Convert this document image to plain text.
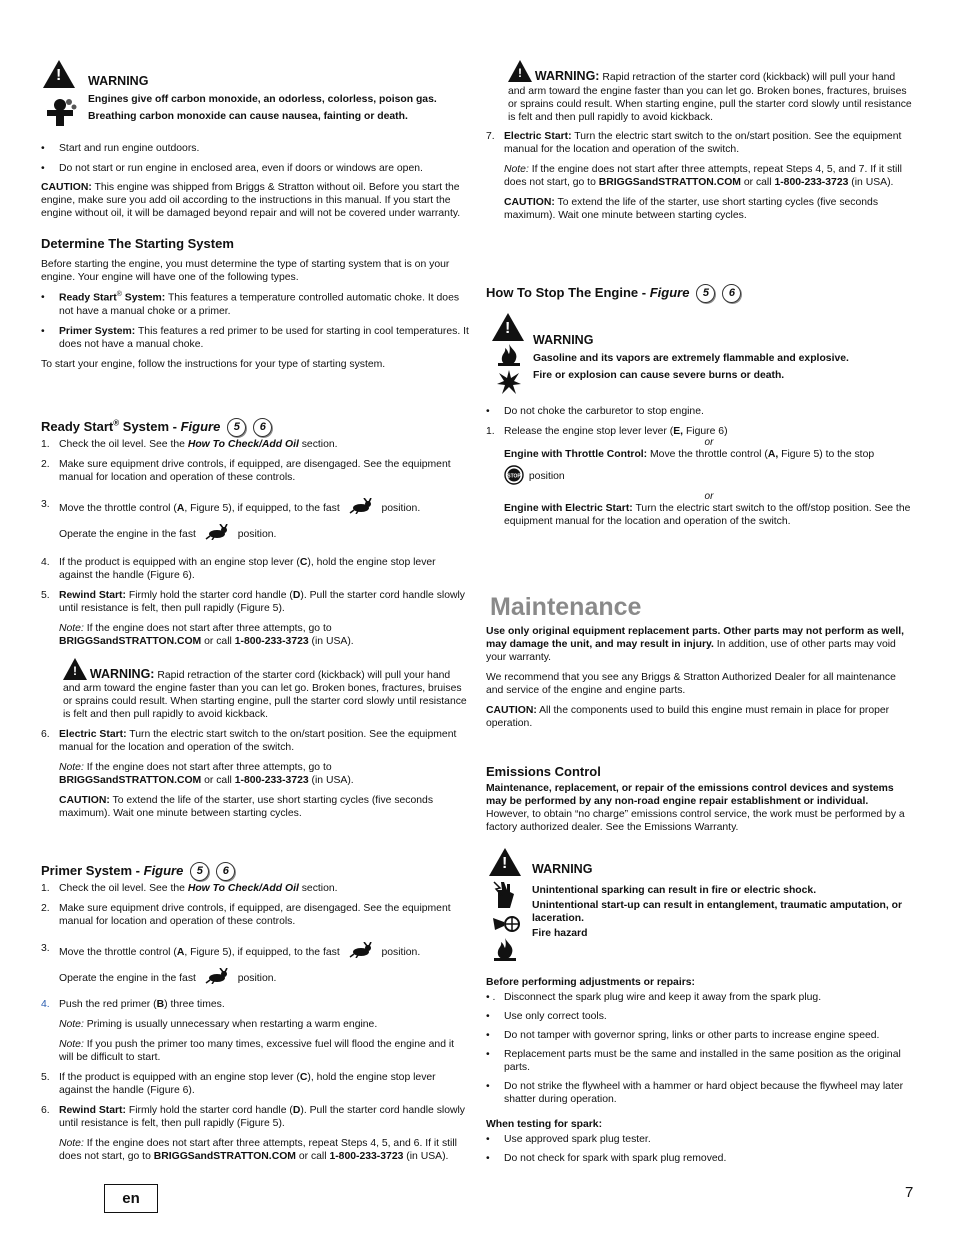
!
WARNING
Engines give off carbon monoxide, an odorless, colorless, poison gas.
Breathing carbon monoxide can cause nausea, fainting or death.
• Start and run engine outdoors.
• Do not start or run engine in enclosed area, even if doors or windows are open.

CAUTION: This engine was shipped from Briggs & Stratton without oil. Before you start the engine, make sure you add oil according to the instructions in this manual. If you start the engine without oil, it will be damaged beyond repair and will not be covered under warranty.

Determine The Starting System

Before starting the engine, you must determine the type of starting system that is on your engine. Your engine will have one of the following types.

• Ready Start® System: This features a temperature controlled automatic choke. It does not have a manual choke or a primer.
• Primer System: This features a red primer to be used for starting in cool temperatures. It does not have a manual choke.

To start your engine, follow the instructions for your type of starting system.

Ready Start® System - Figure 5 6
1. Check the oil level. See the How To Check/Add Oil section.
2. Make sure equipment drive controls, if equipped, are disengaged. See the equipment manual for location and operation of these controls.
3. Move the throttle control (A, Figure 5), if equipped, to the fast	position.
Operate the engine in the fast	position.
4. If the product is equipped with an engine stop lever (C), hold the engine stop lever against the handle (Figure 6).
5. Rewind Start: Firmly hold the starter cord handle (D). Pull the starter cord handle slowly until resistance is felt, then pull rapidly (Figure 5).

Note: If the engine does not start after three attempts, go to BRIGGSandSTRATTON.COM or call 1-800-233-3723 (in USA).

! WARNING: Rapid retraction of the starter cord (kickback) will pull your hand and arm toward the engine faster than you can let go. Broken bones, fractures, bruises or sprains could result. When starting engine, pull the starter cord slowly until resistance is felt and then pull rapidly to avoid kickback.
6. Electric Start: Turn the electric start switch to the on/start position. See the equipment manual for the location and operation of the switch.

Note: If the engine does not start after three attempts, go to BRIGGSandSTRATTON.COM or call 1-800-233-3723 (in USA).

CAUTION: To extend the life of the starter, use short starting cycles (five seconds maximum). Wait one minute between starting cycles.

Primer System - Figure 5 6
1. Check the oil level. See the How To Check/Add Oil section.
2. Make sure equipment drive controls, if equipped, are disengaged. See the equipment manual for location and operation of these controls.
3. Move the throttle control (A, Figure 5), if equipped, to the fast	position.
Operate the engine in the fast	position.
4. Push the red primer (B) three times.

Note: Priming is usually unnecessary when restarting a warm engine.

Note: If you push the primer too many times, excessive fuel will flood the engine and it will be difficult to start.

5. If the product is equipped with an engine stop lever (C), hold the engine stop lever against the handle (Figure 6).
6. Rewind Start: Firmly hold the starter cord handle (D). Pull the starter cord handle slowly until resistance is felt, then pull rapidly (Figure 5).

Note: If the engine does not start after three attempts, repeat Steps 4, 5, and 6. If it still does not start, go to BRIGGSandSTRATTON.COM or call 1-800-233-3723 (in USA).

! WARNING: Rapid retraction of the starter cord (kickback) will pull your hand and arm toward the engine faster than you can let go. Broken bones, fractures, bruises or sprains could result. When starting engine, pull the starter cord slowly until resistance is felt and then pull rapidly to avoid kickback.
7. Electric Start: Turn the electric start switch to the on/start position. See the equipment manual for the location and operation of the switch.

Note: If the engine does not start after three attempts, repeat Steps 4, 5, and 7. If it still does not start, go to BRIGGSandSTRATTON.COM or call 1-800-233-3723 (in USA).

CAUTION: To extend the life of the starter, use short starting cycles (five seconds maximum). Wait one minute between starting cycles.

How To Stop The Engine - Figure 5 6
!
WARNING
Gasoline and its vapors are extremely flammable and explosive.
Fire or explosion can cause severe burns or death.
• Do not choke the carburetor to stop engine.
1. Release the engine stop lever lever (E, Figure 6)
or
Engine with Throttle Control: Move the throttle control (A, Figure 5) to the stop
STOP position
or
Engine with Electric Start: Turn the electric start switch to the off/stop position. See the equipment manual for the location and operation of the switch.
Maintenance

Use only original equipment replacement parts. Other parts may not perform as well, may damage the unit, and may result in injury. In addition, use of other parts may void your warranty.

We recommend that you see any Briggs & Stratton Authorized Dealer for all maintenance and service of the engine and engine parts.

CAUTION: All the components used to build this engine must remain in place for proper operation.

Emissions Control

Maintenance, replacement, or repair of the emissions control devices and systems may be performed by any non-road engine repair establishment or individual. However, to obtain “no charge” emissions control service, the work must be performed by a factory authorized dealer. See the Emissions Warranty.

!
WARNING
Unintentional sparking can result in fire or electric shock.
Unintentional start-up can result in entanglement, traumatic amputation, or laceration.
Fire hazard
Before performing adjustments or repairs:
• . Disconnect the spark plug wire and keep it away from the spark plug.
• Use only correct tools.
• Do not tamper with governor spring, links or other parts to increase engine speed.
• Replacement parts must be the same and installed in the same position as the original parts.
• Do not strike the flywheel with a hammer or hard object because the flywheel may later shatter during operation.
When testing for spark:
• Use approved spark plug tester.
• Do not check for spark with spark plug removed.
en	7
